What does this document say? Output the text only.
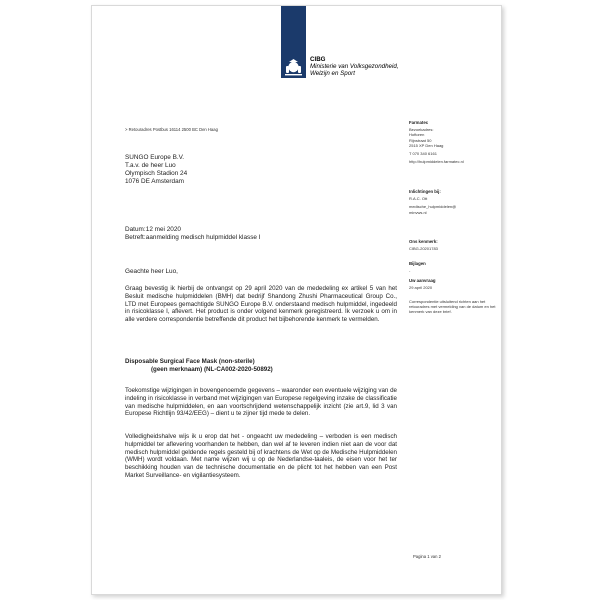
CIBG
Ministerie van Volksgezondheid,
Welzijn en Sport
> Retouradres Postbus 16114 2500 BC Den Haag
SUNGO Europe B.V.
T.a.v. de heer Luo
Olympisch Stadion 24
1076 DE Amsterdam
Datum: 12 mei 2020
Betreft: aanmelding medisch hulpmiddel klasse I
Geachte heer Luo,
Graag bevestig ik hierbij de ontvangst op 29 april 2020 van de mededeling ex artikel 5 van het Besluit medische hulpmiddelen (BMH) dat bedrijf Shandong Zhushi Pharmaceutical Group Co., LTD met Europees gemachtigde SUNGO Europe B.V. onderstaand medisch hulpmiddel, ingedeeld in risicoklasse I, aflevert. Het product is onder volgend kenmerk geregistreerd. Ik verzoek u om in alle verdere correspondentie betreffende dit product het bijbehorende kenmerk te vermelden.
Disposable Surgical Face Mask (non-sterile)
(geen merknaam) (NL-CA002-2020-50892)
Toekomstige wijzigingen in bovengenoemde gegevens – waaronder een eventuele wijziging van de indeling in risicoklasse in verband met wijzigingen van Europese regelgeving inzake de classificatie van medische hulpmiddelen, en aan voortschrijdend wetenschappelijk inzicht (zie art.9, lid 3 van Europese Richtlijn 93/42/EEG) – dient u te zijner tijd mede te delen.
Volledigheidshalve wijs ik u erop dat het - ongeacht uw mededeling – verboden is een medisch hulpmiddel ter aflevering voorhanden te hebben, dan wel af te leveren indien niet aan de voor dat medisch hulpmiddel geldende regels gesteld bij of krachtens de Wet op de Medische Hulpmiddelen (WMH) wordt voldaan. Met name wijzen wij u op de Nederlandse-taaleis, de eisen voor het ter beschikking houden van de technische documentatie en de plicht tot het hebben van een Post Market Surveillance- en vigilantiesysteem.
Farmatec
Bezoekadres:
Hoftoren
Rijnstraat 50
2515 XP Den Haag
T 070 340 6161
http://hulpmiddelen.farmatec.nl
Inlichtingen bij:
R.A.C. Ott
medische_hulpmiddelen@
minvws.nl
Ons kenmerk:
CIBG-20201783
Bijlagen
-
Uw aanvraag
29 april 2020
Correspondentie uitsluitend richten aan het retouradres met vermelding van de datum en het kenmerk van deze brief.
Pagina 1 van 2
